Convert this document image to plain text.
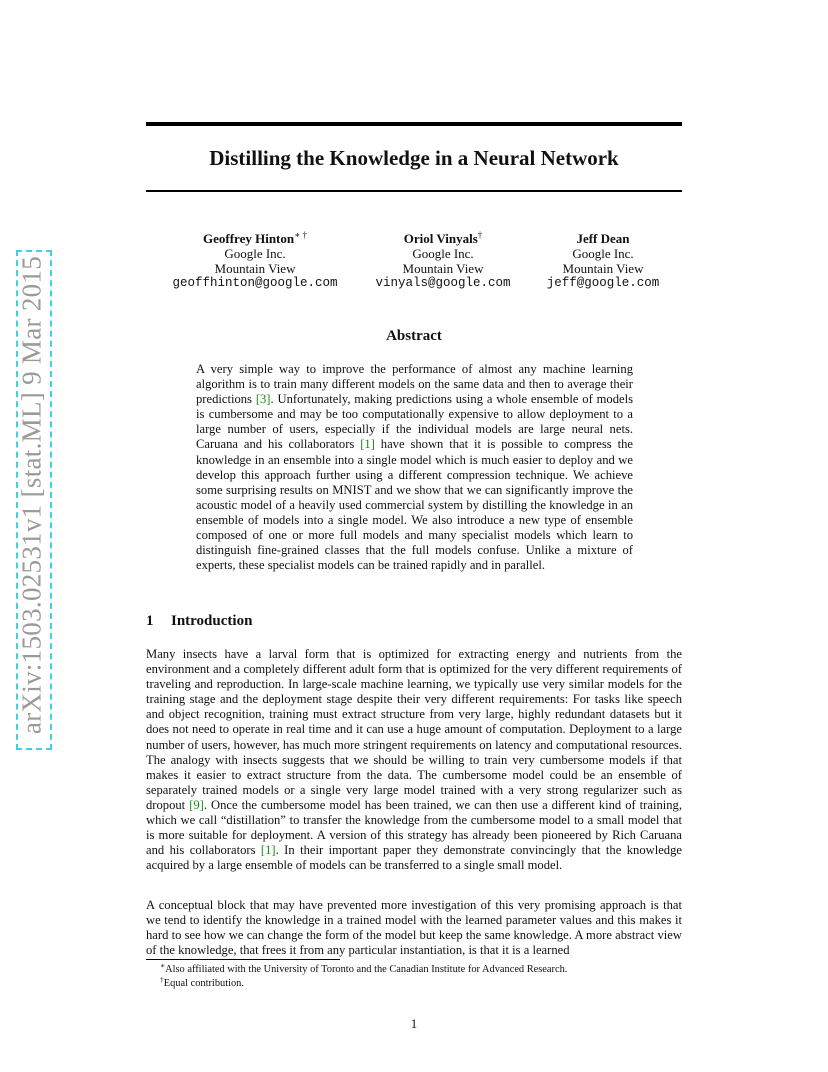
arXiv:1503.02531v1 [stat.ML] 9 Mar 2015
Distilling the Knowledge in a Neural Network
Geoffrey Hinton∗ †
Google Inc.
Mountain View
geoffhinton@google.com
Oriol Vinyals†
Google Inc.
Mountain View
vinyals@google.com
Jeff Dean
Google Inc.
Mountain View
jeff@google.com
Abstract
A very simple way to improve the performance of almost any machine learning algorithm is to train many different models on the same data and then to average their predictions [3]. Unfortunately, making predictions using a whole ensemble of models is cumbersome and may be too computationally expensive to allow deployment to a large number of users, especially if the individual models are large neural nets. Caruana and his collaborators [1] have shown that it is possible to compress the knowledge in an ensemble into a single model which is much easier to deploy and we develop this approach further using a different compression technique. We achieve some surprising results on MNIST and we show that we can significantly improve the acoustic model of a heavily used commercial system by distilling the knowledge in an ensemble of models into a single model. We also introduce a new type of ensemble composed of one or more full models and many specialist models which learn to distinguish fine-grained classes that the full models confuse. Unlike a mixture of experts, these specialist models can be trained rapidly and in parallel.
1 Introduction
Many insects have a larval form that is optimized for extracting energy and nutrients from the environment and a completely different adult form that is optimized for the very different requirements of traveling and reproduction. In large-scale machine learning, we typically use very similar models for the training stage and the deployment stage despite their very different requirements: For tasks like speech and object recognition, training must extract structure from very large, highly redundant datasets but it does not need to operate in real time and it can use a huge amount of computation. Deployment to a large number of users, however, has much more stringent requirements on latency and computational resources. The analogy with insects suggests that we should be willing to train very cumbersome models if that makes it easier to extract structure from the data. The cumbersome model could be an ensemble of separately trained models or a single very large model trained with a very strong regularizer such as dropout [9]. Once the cumbersome model has been trained, we can then use a different kind of training, which we call “distillation” to transfer the knowledge from the cumbersome model to a small model that is more suitable for deployment. A version of this strategy has already been pioneered by Rich Caruana and his collaborators [1]. In their important paper they demonstrate convincingly that the knowledge acquired by a large ensemble of models can be transferred to a single small model.
A conceptual block that may have prevented more investigation of this very promising approach is that we tend to identify the knowledge in a trained model with the learned parameter values and this makes it hard to see how we can change the form of the model but keep the same knowledge. A more abstract view of the knowledge, that frees it from any particular instantiation, is that it is a learned
∗Also affiliated with the University of Toronto and the Canadian Institute for Advanced Research.
†Equal contribution.
1
